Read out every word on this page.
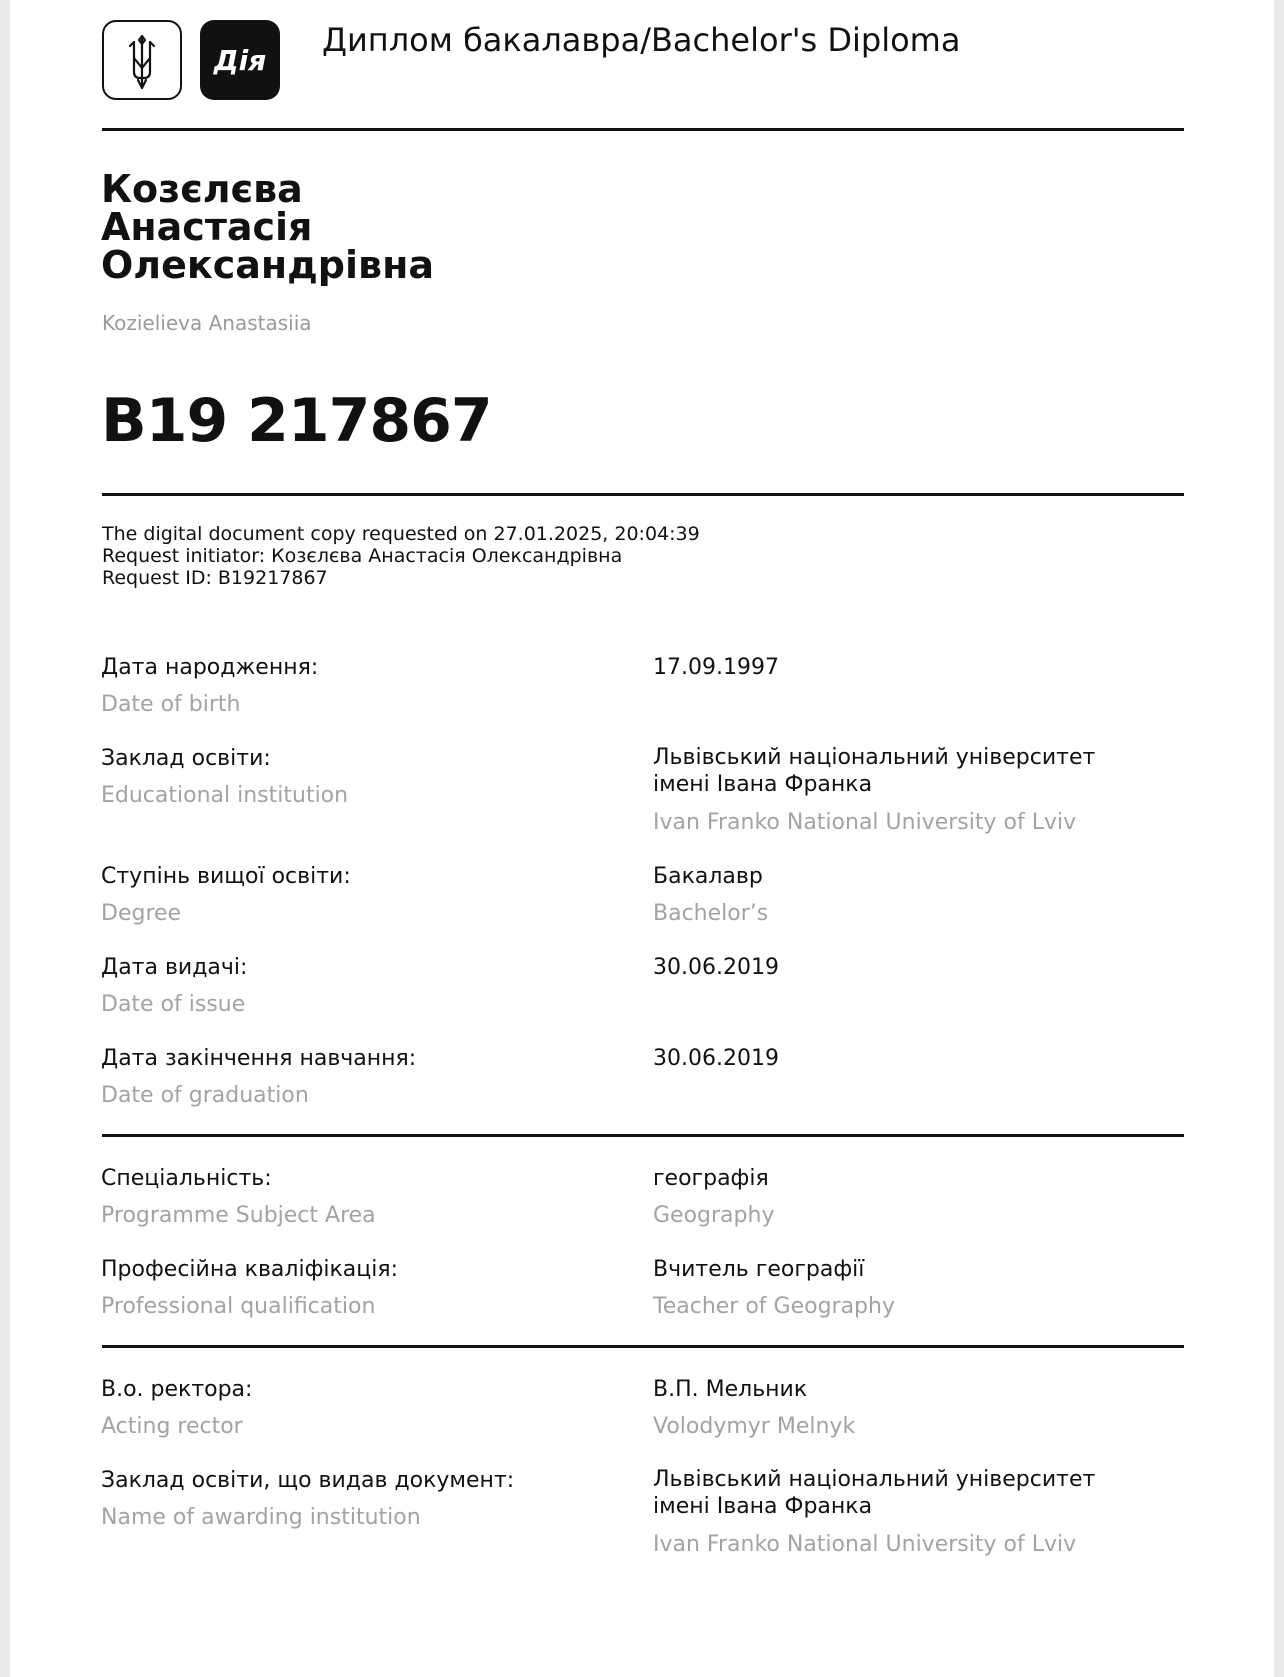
Дія
Диплом бакалавра/Bachelor's Diploma
Козєлєва
Анастасія
Олександрівна
Kozielieva Anastasiia
B19 217867
The digital document copy requested on 27.01.2025, 20:04:39
Request initiator: Козєлєва Анастасія Олександрівна
Request ID: B19217867
Дата народження:
Date of birth
17.09.1997
Заклад освіти:
Educational institution
Львівський національний університет
імені Івана Франка
Ivan Franko National University of Lviv
Ступінь вищої освіти:
Degree
Бакалавр
Bachelor’s
Дата видачі:
Date of issue
30.06.2019
Дата закінчення навчання:
Date of graduation
30.06.2019
Спеціальність:
Programme Subject Area
географія
Geography
Професійна кваліфікація:
Professional qualification
Вчитель географії
Teacher of Geography
В.о. ректора:
Acting rector
В.П. Мельник
Volodymyr Melnyk
Заклад освіти, що видав документ:
Name of awarding institution
Львівський національний університет
імені Івана Франка
Ivan Franko National University of Lviv
